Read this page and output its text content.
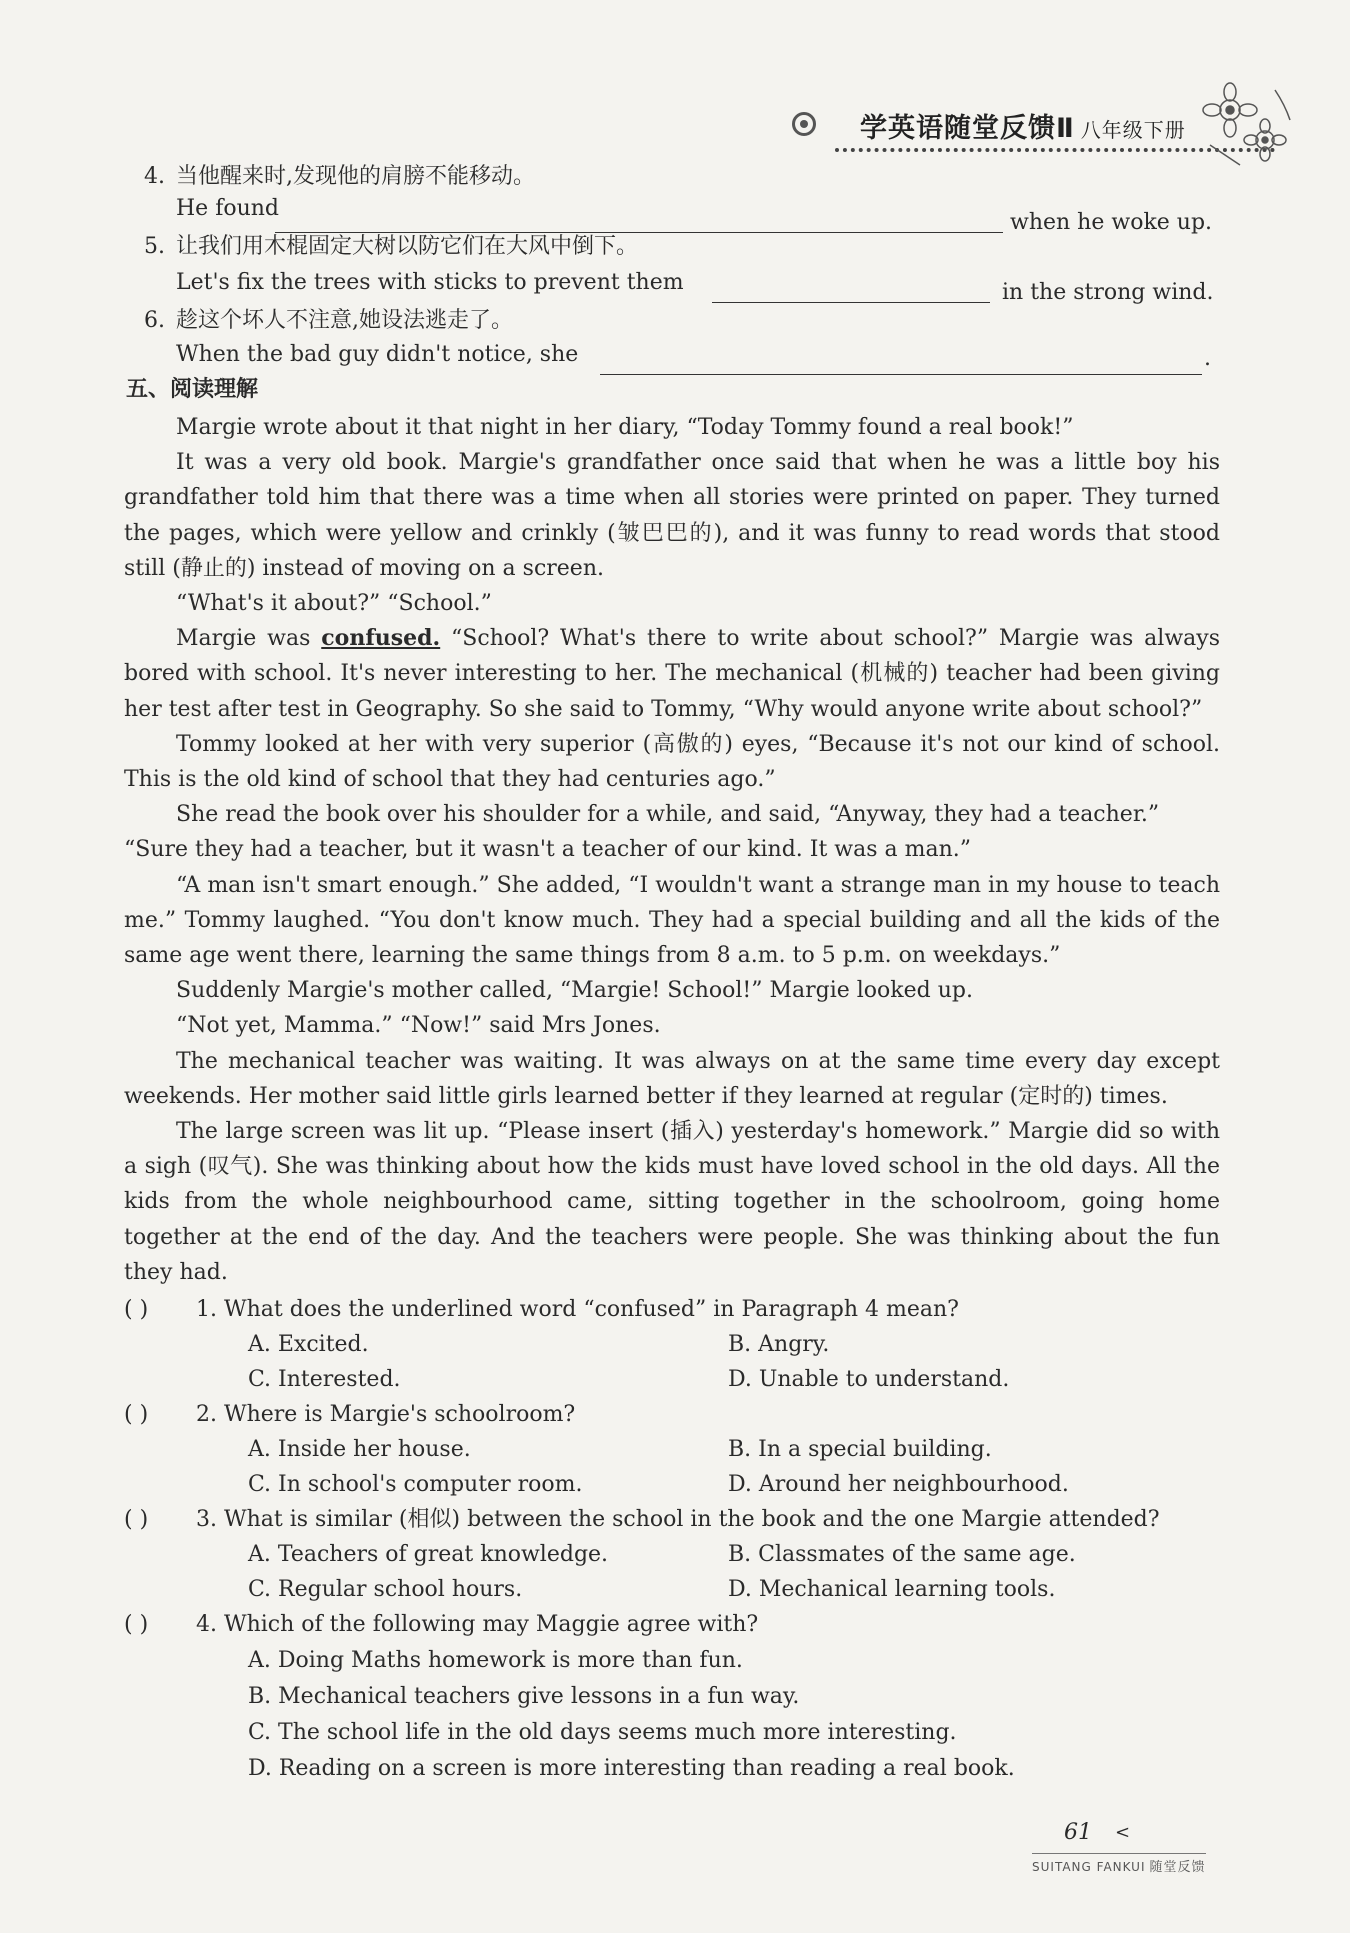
学英语随堂反馈Ⅱ 八年级下册
4. 当他醒来时,发现他的肩膀不能移动。
He found
when he woke up.
5. 让我们用木棍固定大树以防它们在大风中倒下。
Let's fix the trees with sticks to prevent them	in the strong wind.
6. 趁这个坏人不注意,她设法逃走了。
When the bad guy didn't notice, she	.
五、阅读理解

Margie wrote about it that night in her diary, “Today Tommy found a real book!”

It was a very old book. Margie's grandfather once said that when he was a little boy his grandfather told him that there was a time when all stories were printed on paper. They turned the pages, which were yellow and crinkly (皱巴巴的), and it was funny to read words that stood still (静止的) instead of moving on a screen.

“What's it about?” “School.”

Margie was confused. “School? What's there to write about school?” Margie was always bored with school. It's never interesting to her. The mechanical (机械的) teacher had been giving her test after test in Geography. So she said to Tommy, “Why would anyone write about school?”

Tommy looked at her with very superior (高傲的) eyes, “Because it's not our kind of school. This is the old kind of school that they had centuries ago.”

She read the book over his shoulder for a while, and said, “Anyway, they had a teacher.”

“Sure they had a teacher, but it wasn't a teacher of our kind. It was a man.”

“A man isn't smart enough.” She added, “I wouldn't want a strange man in my house to teach me.” Tommy laughed. “You don't know much. They had a special building and all the kids of the same age went there, learning the same things from 8 a.m. to 5 p.m. on weekdays.”

Suddenly Margie's mother called, “Margie! School!” Margie looked up.

“Not yet, Mamma.” “Now!” said Mrs Jones.

The mechanical teacher was waiting. It was always on at the same time every day except weekends. Her mother said little girls learned better if they learned at regular (定时的) times.

The large screen was lit up. “Please insert (插入) yesterday's homework.” Margie did so with a sigh (叹气). She was thinking about how the kids must have loved school in the old days. All the kids from the whole neighbourhood came, sitting together in the schoolroom, going home together at the end of the day. And the teachers were people. She was thinking about the fun they had.

( ) 1. What does the underlined word “confused” in Paragraph 4 mean?
A. Excited.	B. Angry.
C. Interested.	D. Unable to understand.
( ) 2. Where is Margie's schoolroom?
A. Inside her house.	B. In a special building.
C. In school's computer room.	D. Around her neighbourhood.
( ) 3. What is similar (相似) between the school in the book and the one Margie attended?
A. Teachers of great knowledge.	B. Classmates of the same age.
C. Regular school hours.	D. Mechanical learning tools.
( ) 4. Which of the following may Maggie agree with?
A. Doing Maths homework is more than fun.
B. Mechanical teachers give lessons in a fun way.
C. The school life in the old days seems much more interesting.
D. Reading on a screen is more interesting than reading a real book.
61 <
SUITANG FANKUI 随堂反馈
